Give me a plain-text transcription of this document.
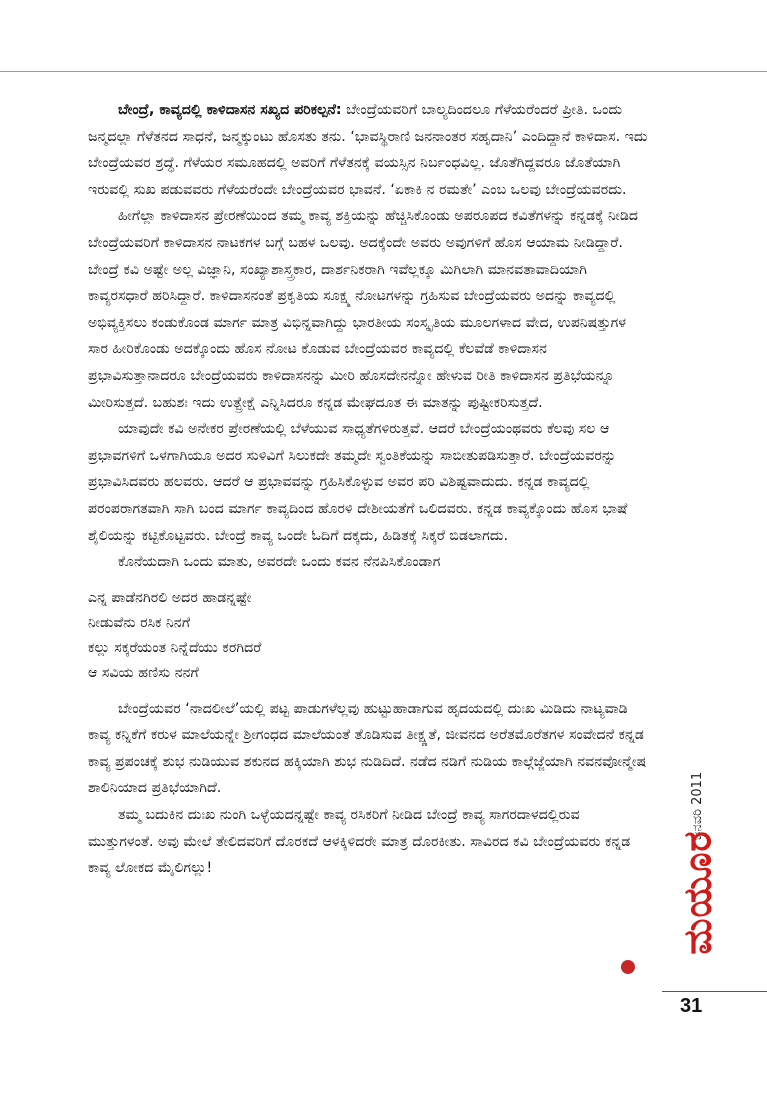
ಬೇಂದ್ರೆ, ಕಾವ್ಯದಲ್ಲಿ ಕಾಳಿದಾಸನ ಸಖ್ಯದ ಪರಿಕಲ್ಪನೆ: ಬೇಂದ್ರೆಯವರಿಗೆ ಬಾಲ್ಯದಿಂದಲೂ ಗೆಳೆಯರೆಂದರೆ ಪ್ರೀತಿ. ಒಂದು ಜನ್ಮದಲ್ಲಾ ಗೆಳೆತನದ ಸಾಧನೆ, ಜನ್ಮಕ್ಕುಂಟು ಹೊಸತು ತನು. ‘ಭಾವಸ್ಥಿರಾಣಿ ಜನನಾಂತರ ಸಹೃದಾನಿ’ ಎಂದಿದ್ದಾನೆ ಕಾಳಿದಾಸ. ಇದು ಬೇಂದ್ರೆಯವರ ಶ್ರದ್ಧೆ. ಗೆಳೆಯರ ಸಮೂಹದಲ್ಲಿ ಅವರಿಗೆ ಗೆಳೆತನಕ್ಕೆ ವಯಸ್ಸಿನ ನಿರ್ಬಂಧವಿಲ್ಲ. ಜೊತೆಗಿದ್ದವರೂ ಜೊತೆಯಾಗಿ ಇರುವಲ್ಲಿ ಸುಖ ಪಡುವವರು ಗೆಳೆಯರೆಂದೇ ಬೇಂದ್ರೆಯವರ ಭಾವನೆ. ‘ಏಕಾಕಿ ನ ರಮತೇ’ ಎಂಬ ಒಲವು ಬೇಂದ್ರೆಯವರದು.

ಹೀಗೆಲ್ಲಾ ಕಾಳಿದಾಸನ ಪ್ರೇರಣೆಯಿಂದ ತಮ್ಮ ಕಾವ್ಯ ಶಕ್ತಿಯನ್ನು ಹೆಚ್ಚಿಸಿಕೊಂಡು ಅಪರೂಪದ ಕವಿತೆಗಳನ್ನು ಕನ್ನಡಕ್ಕೆ ನೀಡಿದ ಬೇಂದ್ರೆಯವರಿಗೆ ಕಾಳಿದಾಸನ ನಾಟಕಗಳ ಬಗ್ಗೆ ಬಹಳ ಒಲವು. ಅದಕ್ಕೆಂದೇ ಅವರು ಅವುಗಳಿಗೆ ಹೊಸ ಆಯಾಮ ನೀಡಿದ್ದಾರೆ. ಬೇಂದ್ರೆ ಕವಿ ಅಷ್ಟೇ ಅಲ್ಲ ವಿಜ್ಞಾನಿ, ಸಂಖ್ಯಾಶಾಸ್ತ್ರಕಾರ, ದಾರ್ಶನಿಕರಾಗಿ ಇವೆಲ್ಲಕ್ಕೂ ಮಿಗಿಲಾಗಿ ಮಾನವತಾವಾದಿಯಾಗಿ ಕಾವ್ಯರಸಧಾರೆ ಹರಿಸಿದ್ದಾರೆ. ಕಾಳಿದಾಸನಂತೆ ಪ್ರಕೃತಿಯ ಸೂಕ್ಷ್ಮ ನೋಟಗಳನ್ನು ಗ್ರಹಿಸುವ ಬೇಂದ್ರೆಯವರು ಅದನ್ನು ಕಾವ್ಯದಲ್ಲಿ ಅಭಿವ್ಯಕ್ತಿಸಲು ಕಂಡುಕೊಂಡ ಮಾರ್ಗ ಮಾತ್ರ ವಿಭಿನ್ನವಾಗಿದ್ದು ಭಾರತೀಯ ಸಂಸ್ಕೃತಿಯ ಮೂಲಗಳಾದ ವೇದ, ಉಪನಿಷತ್ತುಗಳ ಸಾರ ಹೀರಿಕೊಂಡು ಅದಕ್ಕೊಂದು ಹೊಸ ನೋಟ ಕೊಡುವ ಬೇಂದ್ರೆಯವರ ಕಾವ್ಯದಲ್ಲಿ ಕೆಲವೆಡೆ ಕಾಳಿದಾಸನ ಪ್ರಭಾವಿಸುತ್ತಾನಾದರೂ ಬೇಂದ್ರೆಯವರು ಕಾಳಿದಾಸನನ್ನು ಮೀರಿ ಹೊಸದೇನನ್ನೋ ಹೇಳುವ ರೀತಿ ಕಾಳಿದಾಸನ ಪ್ರತಿಭೆಯನ್ನೂ ಮೀರಿಸುತ್ತದೆ. ಬಹುಶಃ ಇದು ಉತ್ಪ್ರೇಕ್ಷೆ ಎನ್ನಿಸಿದರೂ ಕನ್ನಡ ಮೇಘದೂತ ಈ ಮಾತನ್ನು ಪುಷ್ಟೀಕರಿಸುತ್ತದೆ.

ಯಾವುದೇ ಕವಿ ಅನೇಕರ ಪ್ರೇರಣೆಯಲ್ಲಿ ಬೆಳೆಯುವ ಸಾಧ್ಯತೆಗಳಿರುತ್ತವೆ. ಆದರೆ ಬೇಂದ್ರೆಯಂಥವರು ಕೆಲವು ಸಲ ಆ ಪ್ರಭಾವಗಳಿಗೆ ಒಳಗಾಗಿಯೂ ಅದರ ಸುಳಿವಿಗೆ ಸಿಲುಕದೇ ತಮ್ಮದೇ ಸ್ವಂತಿಕೆಯನ್ನು ಸಾಬೀತುಪಡಿಸುತ್ತಾರೆ. ಬೇಂದ್ರೆಯವರನ್ನು ಪ್ರಭಾವಿಸಿದವರು ಹಲವರು. ಆದರೆ ಆ ಪ್ರಭಾವವನ್ನು ಗ್ರಹಿಸಿಕೊಳ್ಳುವ ಅವರ ಪರಿ ವಿಶಿಷ್ಟವಾದುದು. ಕನ್ನಡ ಕಾವ್ಯದಲ್ಲಿ ಪರಂಪರಾಗತವಾಗಿ ಸಾಗಿ ಬಂದ ಮಾರ್ಗ ಕಾವ್ಯದಿಂದ ಹೊರಳಿ ದೇಶೀಯತೆಗೆ ಒಲಿದವರು. ಕನ್ನಡ ಕಾವ್ಯಕ್ಕೊಂದು ಹೊಸ ಭಾಷೆ ಶೈಲಿಯನ್ನು ಕಟ್ಟಿಕೊಟ್ಟವರು. ಬೇಂದ್ರೆ ಕಾವ್ಯ ಒಂದೇ ಓದಿಗೆ ದಕ್ಕದು, ಹಿಡಿತಕ್ಕೆ ಸಿಕ್ಕರೆ ಬಿಡಲಾಗದು.

ಕೊನೆಯದಾಗಿ ಒಂದು ಮಾತು, ಅವರದೇ ಒಂದು ಕವನ ನೆನಪಿಸಿಕೊಂಡಾಗ

ಎನ್ನ ಪಾಡೆನಗಿರಲಿ ಅದರ ಹಾಡನ್ನಷ್ಟೇ
ನೀಡುವೆನು ರಸಿಕ ನಿನಗೆ
ಕಲ್ಲು ಸಕ್ಕರೆಯಂತ ನಿನ್ನೆದೆಯು ಕರಗಿದರೆ
ಆ ಸವಿಯ ಹಣಿಸು ನನಗೆ

ಬೇಂದ್ರೆಯವರ ‘ನಾದಲೀಲೆ’ಯಲ್ಲಿ ಪಟ್ಟ ಪಾಡುಗಳೆಲ್ಲವು ಹುಟ್ಟುಹಾಡಾಗುವ ಹೃದಯದಲ್ಲಿ ದುಃಖ ಮಿಡಿದು ನಾಟ್ಯವಾಡಿ ಕಾವ್ಯ ಕನ್ನಿಕೆಗೆ ಕರುಳ ಮಾಲೆಯನ್ನೇ ಶ್ರೀಗಂಧದ ಮಾಲೆಯಂತೆ ತೊಡಿಸುವ ತೀಕ್ಷ್ಣತೆ, ಜೀವನದ ಅರೆತಮೊರೆತಗಳ ಸಂವೇದನೆ ಕನ್ನಡ ಕಾವ್ಯ ಪ್ರಪಂಚಕ್ಕೆ ಶುಭ ನುಡಿಯುವ ಶಕುನದ ಹಕ್ಕಿಯಾಗಿ ಶುಭ ನುಡಿದಿದೆ. ನಡೆದ ನಡಿಗೆ ನುಡಿಯ ಕಾಲ್ಗೆಜ್ಜೆಯಾಗಿ ನವನವೋನ್ಮೇಷ ಶಾಲಿನಿಯಾದ ಪ್ರತಿಭೆಯಾಗಿದೆ.

ತಮ್ಮ ಬದುಕಿನ ದುಃಖ ನುಂಗಿ ಒಳ್ಳೆಯದನ್ನಷ್ಟೇ ಕಾವ್ಯ ರಸಿಕರಿಗೆ ನೀಡಿದ ಬೇಂದ್ರೆ ಕಾವ್ಯ ಸಾಗರದಾಳದಲ್ಲಿರುವ ಮುತ್ತುಗಳಂತೆ. ಅವು ಮೇಲೆ ತೇಲಿದವರಿಗೆ ದೊರಕದೆ ಆಳಕ್ಕಿಳಿದರೇ ಮಾತ್ರ ದೊರಕೀತು. ಸಾವಿರದ ಕವಿ ಬೇಂದ್ರೆಯವರು ಕನ್ನಡ ಕಾವ್ಯ ಲೋಕದ ಮೈಲಿಗಲ್ಲು!

ಜನವರಿ 2011
ಮಯೂರ
31
